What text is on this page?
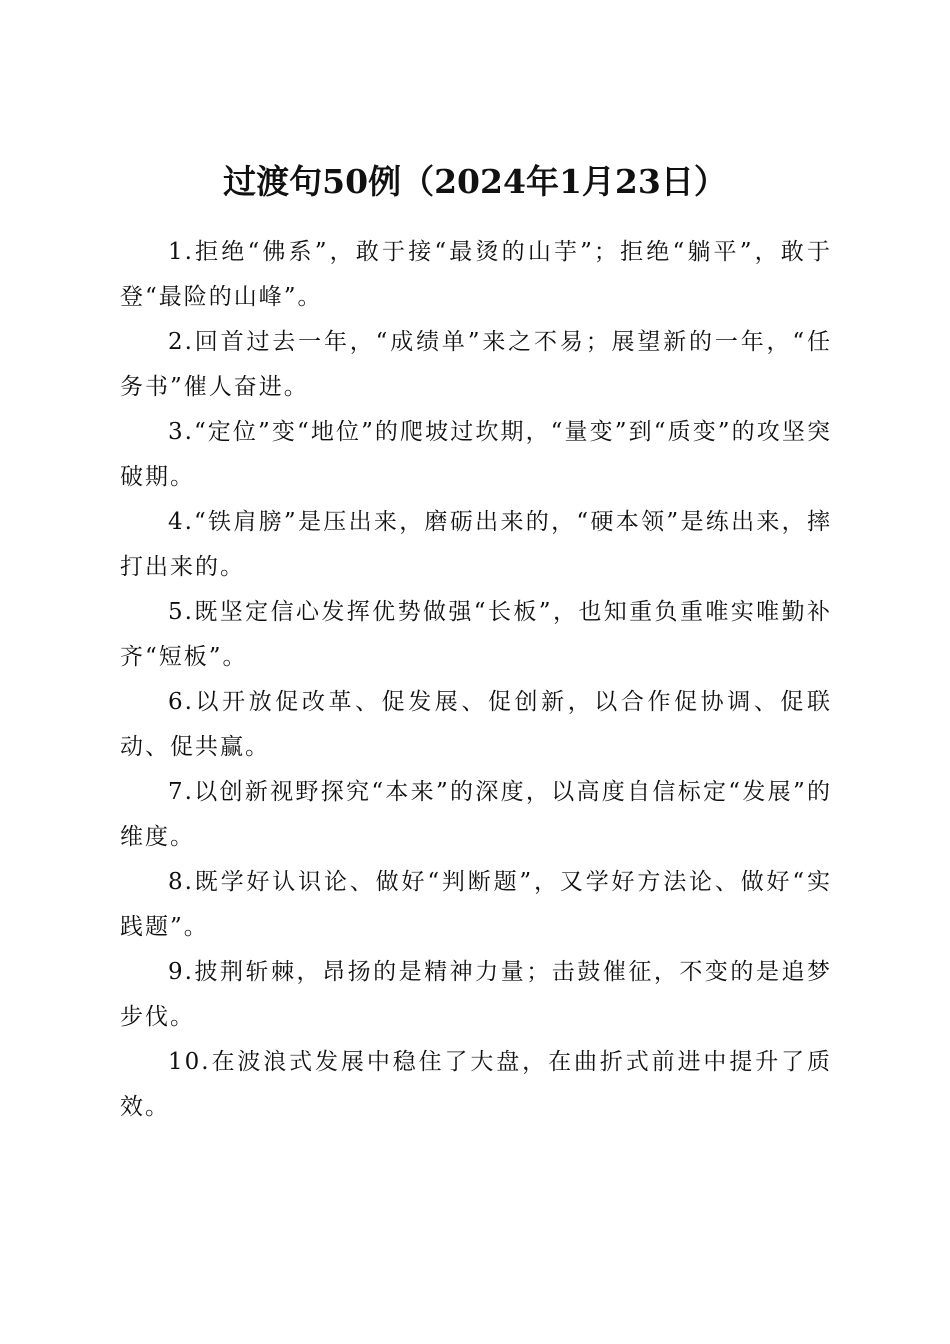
过渡句50例（2024年1月23日）
1.拒绝“佛系”，敢于接“最烫的山芋”；拒绝“躺平”，敢于登“最险的山峰”。
2.回首过去一年，“成绩单”来之不易；展望新的一年，“任务书”催人奋进。
3.“定位”变“地位”的爬坡过坎期，“量变”到“质变”的攻坚突破期。
4.“铁肩膀”是压出来，磨砺出来的，“硬本领”是练出来，摔打出来的。
5.既坚定信心发挥优势做强“长板”，也知重负重唯实唯勤补齐“短板”。
6.以开放促改革、促发展、促创新，以合作促协调、促联动、促共赢。
7.以创新视野探究“本来”的深度，以高度自信标定“发展”的维度。
8.既学好认识论、做好“判断题”，又学好方法论、做好“实践题”。
9.披荆斩棘，昂扬的是精神力量；击鼓催征，不变的是追梦步伐。
10.在波浪式发展中稳住了大盘，在曲折式前进中提升了质效。
